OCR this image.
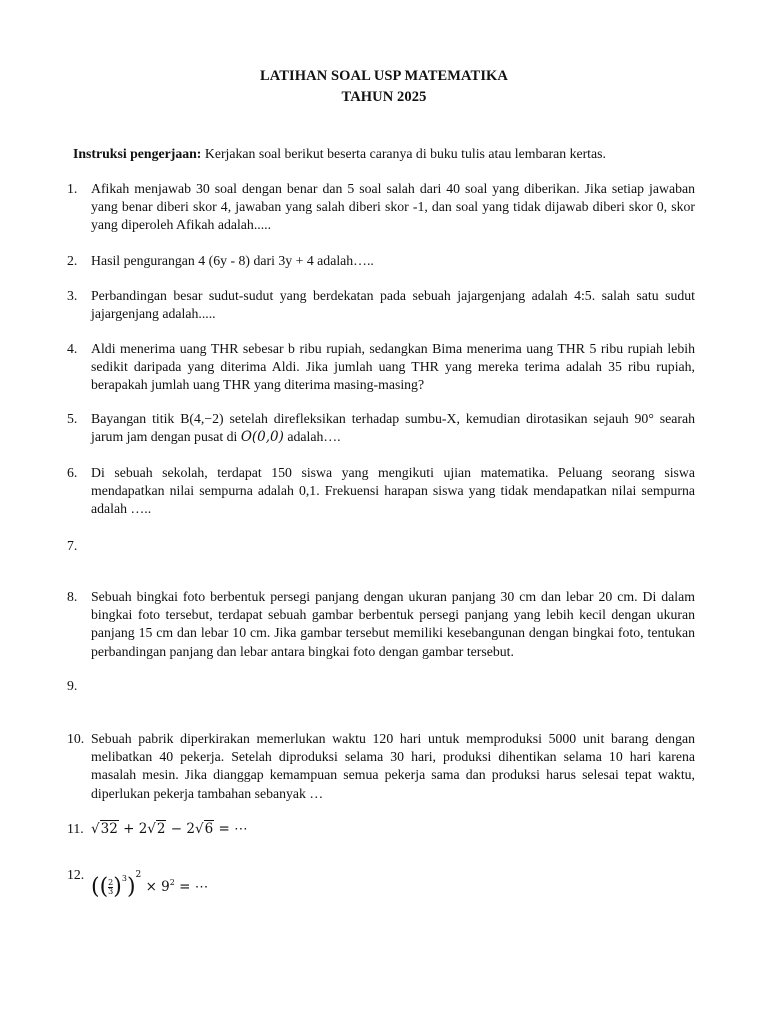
LATIHAN SOAL USP MATEMATIKA
TAHUN 2025
Instruksi pengerjaan: Kerjakan soal berikut beserta caranya di buku tulis atau lembaran kertas.
1. Afikah menjawab 30 soal dengan benar dan 5 soal salah dari 40 soal yang diberikan. Jika setiap jawaban yang benar diberi skor 4, jawaban yang salah diberi skor -1, dan soal yang tidak dijawab diberi skor 0, skor yang diperoleh Afikah adalah.....
2. Hasil pengurangan 4 (6y - 8) dari 3y + 4 adalah…..
3. Perbandingan besar sudut-sudut yang berdekatan pada sebuah jajargenjang adalah 4:5. salah satu sudut jajargenjang adalah.....
4. Aldi menerima uang THR sebesar b ribu rupiah, sedangkan Bima menerima uang THR 5 ribu rupiah lebih sedikit daripada yang diterima Aldi. Jika jumlah uang THR yang mereka terima adalah 35 ribu rupiah, berapakah jumlah uang THR yang diterima masing-masing?
5. Bayangan titik B(4,−2) setelah direfleksikan terhadap sumbu-X, kemudian dirotasikan sejauh 90° searah jarum jam dengan pusat di O(0,0) adalah….
6. Di sebuah sekolah, terdapat 150 siswa yang mengikuti ujian matematika. Peluang seorang siswa mendapatkan nilai sempurna adalah 0,1. Frekuensi harapan siswa yang tidak mendapatkan nilai sempurna adalah …..
7.
8. Sebuah bingkai foto berbentuk persegi panjang dengan ukuran panjang 30 cm dan lebar 20 cm. Di dalam bingkai foto tersebut, terdapat sebuah gambar berbentuk persegi panjang yang lebih kecil dengan ukuran panjang 15 cm dan lebar 10 cm. Jika gambar tersebut memiliki kesebangunan dengan bingkai foto, tentukan perbandingan panjang dan lebar antara bingkai foto dengan gambar tersebut.
9.
10. Sebuah pabrik diperkirakan memerlukan waktu 120 hari untuk memproduksi 5000 unit barang dengan melibatkan 40 pekerja. Setelah diproduksi selama 30 hari, produksi dihentikan selama 10 hari karena masalah mesin. Jika dianggap kemampuan semua pekerja sama dan produksi harus selesai tepat waktu, diperlukan pekerja tambahan sebanyak …
11. √32 + 2√2 − 2√6 = ⋯
12. (( $\frac{2}{3} )^3)^2 \times 9^2$ = ⋯
